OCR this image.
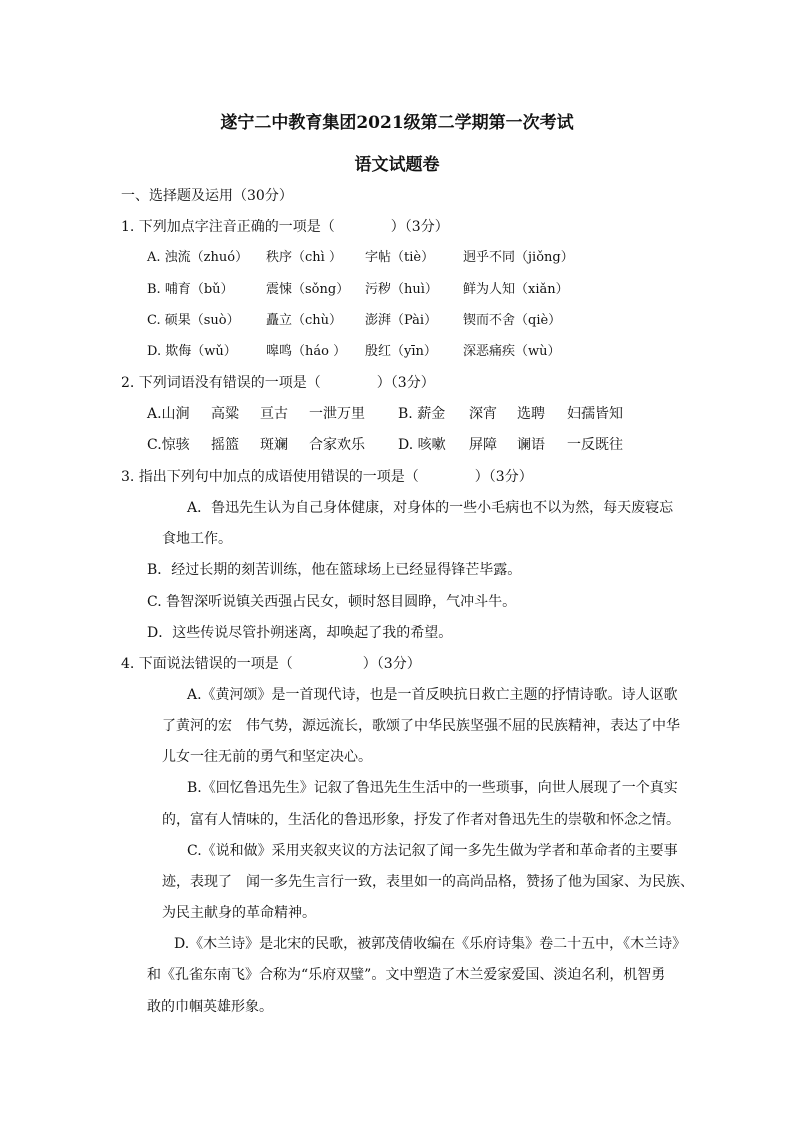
遂宁二中教育集团2021级第二学期第一次考试
语文试题卷
一、选择题及运用（30分）
1. 下列加点字注音正确的一项是（　　　　）（3分）
A. 浊流（zhuó） 秩序（chì ） 字帖（tiè） 迥乎不同（jiǒng）
B. 哺育（bǔ） 震悚（sǒng） 污秽（huì） 鲜为人知（xiǎn）
C. 硕果（suò） 矗立（chù） 澎湃（Pài） 锲而不舍（qiè）
D. 欺侮（wǔ） 嗥鸣（háo ） 殷红（yīn） 深恶痛疾（wù）
2. 下列词语没有错误的一项是（　　　　）（3分）
A.山涧 高粱 亘古 一泄万里 B. 薪金 深宵 选聘 妇孺皆知
C.惊骇 摇篮 斑斓 合家欢乐 D. 咳嗽 屏障 谰语 一反既往
3. 指出下列句中加点的成语使用错误的一项是（　　　　）（3分）
A．鲁迅先生认为自己身体健康，对身体的一些小毛病也不以为然，每天废寝忘
食地工作。
B．经过长期的刻苦训练，他在篮球场上已经显得锋芒毕露。
C. 鲁智深听说镇关西强占民女，顿时怒目圆睁，气冲斗牛。
D．这些传说尽管扑朔迷离，却唤起了我的希望。
4. 下面说法错误的一项是（　　　　　）（3分）
A.《黄河颂》是一首现代诗，也是一首反映抗日救亡主题的抒情诗歌。诗人讴歌
了黄河的宏　伟气势，源远流长，歌颂了中华民族坚强不屈的民族精神，表达了中华
儿女一往无前的勇气和坚定决心。
B.《回忆鲁迅先生》记叙了鲁迅先生生活中的一些琐事，向世人展现了一个真实
的，富有人情味的，生活化的鲁迅形象，抒发了作者对鲁迅先生的崇敬和怀念之情。
C.《说和做》采用夹叙夹议的方法记叙了闻一多先生做为学者和革命者的主要事
迹，表现了　闻一多先生言行一致，表里如一的高尚品格，赞扬了他为国家、为民族、
为民主献身的革命精神。
D.《木兰诗》是北宋的民歌，被郭茂倩收编在《乐府诗集》卷二十五中，《木兰诗》
和《孔雀东南飞》合称为“乐府双璧”。文中塑造了木兰爱家爱国、淡迫名利，机智勇
敢的巾帼英雄形象。
